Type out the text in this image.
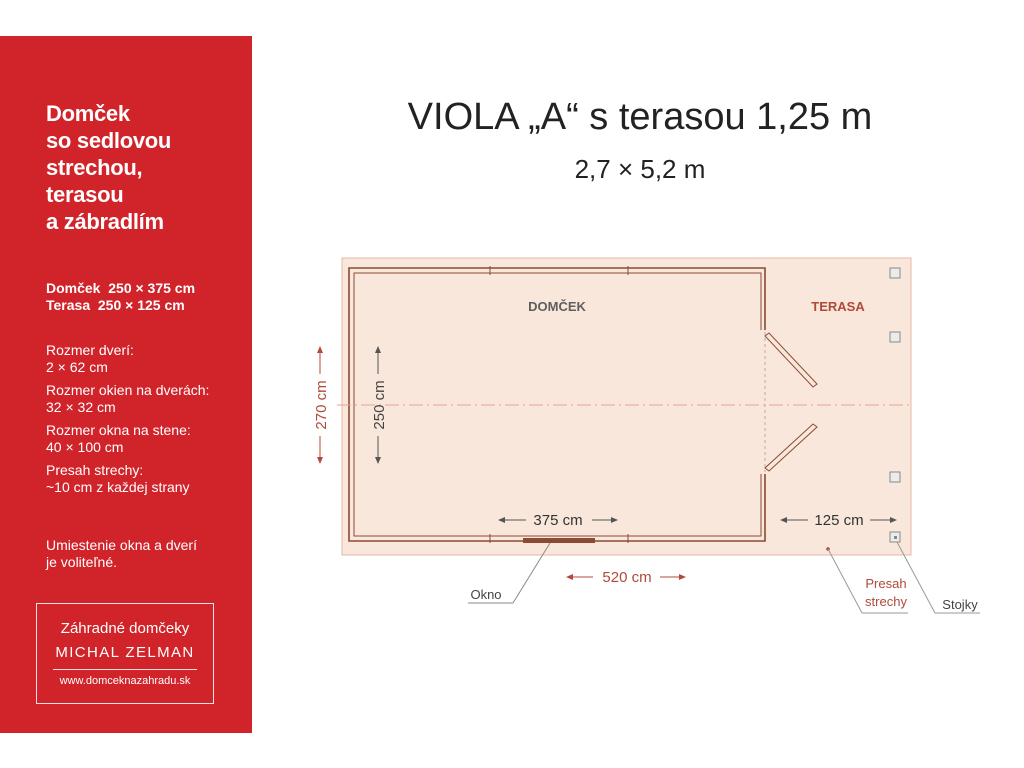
Domček
so sedlovou
strechou,
terasou
a zábradlím
Domček  250 × 375 cm
Terasa  250 × 125 cm
Rozmer dverí:
2 × 62 cm
Rozmer okien na dverách:
32 × 32 cm
Rozmer okna na stene:
40 × 100 cm
Presah strechy:
~10 cm z každej strany
Umiestenie okna a dverí
je voliteľné.
Záhradné domčeky
MICHAL ZELMAN
www.domceknazahradu.sk
VIOLA „A“ s terasou 1,25 m
2,7 × 5,2 m
DOMČEK	TERASA
270 cm	250 cm
375 cm	125 cm
520 cm
Okno
Presah
strechy	Stojky
